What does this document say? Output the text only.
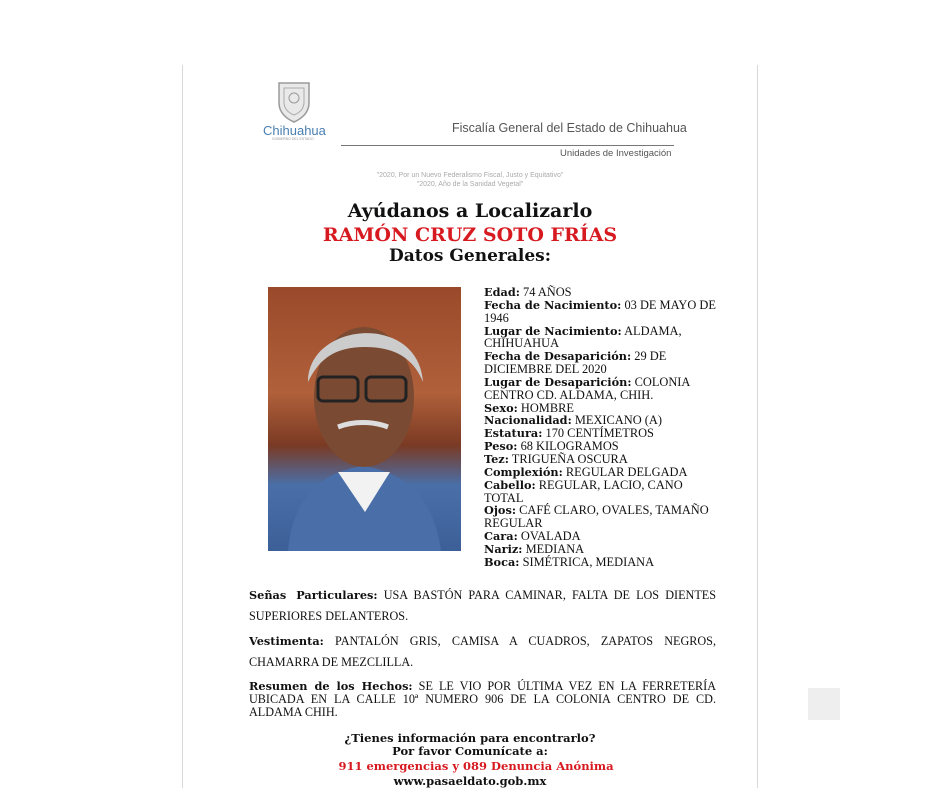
Chihuahua
GOBIERNO DEL ESTADO
Fiscalía General del Estado de Chihuahua
Unidades de Investigación
"2020, Por un Nuevo Federalismo Fiscal, Justo y Equitativo"
"2020, Año de la Sanidad Vegetal"
Ayúdanos a Localizarlo
RAMÓN CRUZ SOTO FRÍAS
Datos Generales:
Edad: 74 AÑOS
Fecha de Nacimiento: 03 DE MAYO DE 1946
Lugar de Nacimiento: ALDAMA, CHIHUAHUA
Fecha de Desaparición: 29 DE DICIEMBRE DEL 2020
Lugar de Desaparición: COLONIA CENTRO CD. ALDAMA, CHIH.
Sexo: HOMBRE
Nacionalidad: MEXICANO (A)
Estatura: 170 CENTÍMETROS
Peso: 68 KILOGRAMOS
Tez: TRIGUEÑA OSCURA
Complexión: REGULAR DELGADA
Cabello: REGULAR, LACIO, CANO TOTAL
Ojos: CAFÉ CLARO, OVALES, TAMAÑO REGULAR
Cara: OVALADA
Nariz: MEDIANA
Boca: SIMÉTRICA, MEDIANA
Señas Particulares: USA BASTÓN PARA CAMINAR, FALTA DE LOS DIENTES SUPERIORES DELANTEROS.
Vestimenta: PANTALÓN GRIS, CAMISA A CUADROS, ZAPATOS NEGROS, CHAMARRA DE MEZCLILLA.
Resumen de los Hechos: SE LE VIO POR ÚLTIMA VEZ EN LA FERRETERÍA UBICADA EN LA CALLE 10ª NUMERO 906 DE LA COLONIA CENTRO DE CD. ALDAMA CHIH.
¿Tienes información para encontrarlo?
Por favor Comunícate a:
911 emergencias y 089 Denuncia Anónima
www.pasaeldato.gob.mx
